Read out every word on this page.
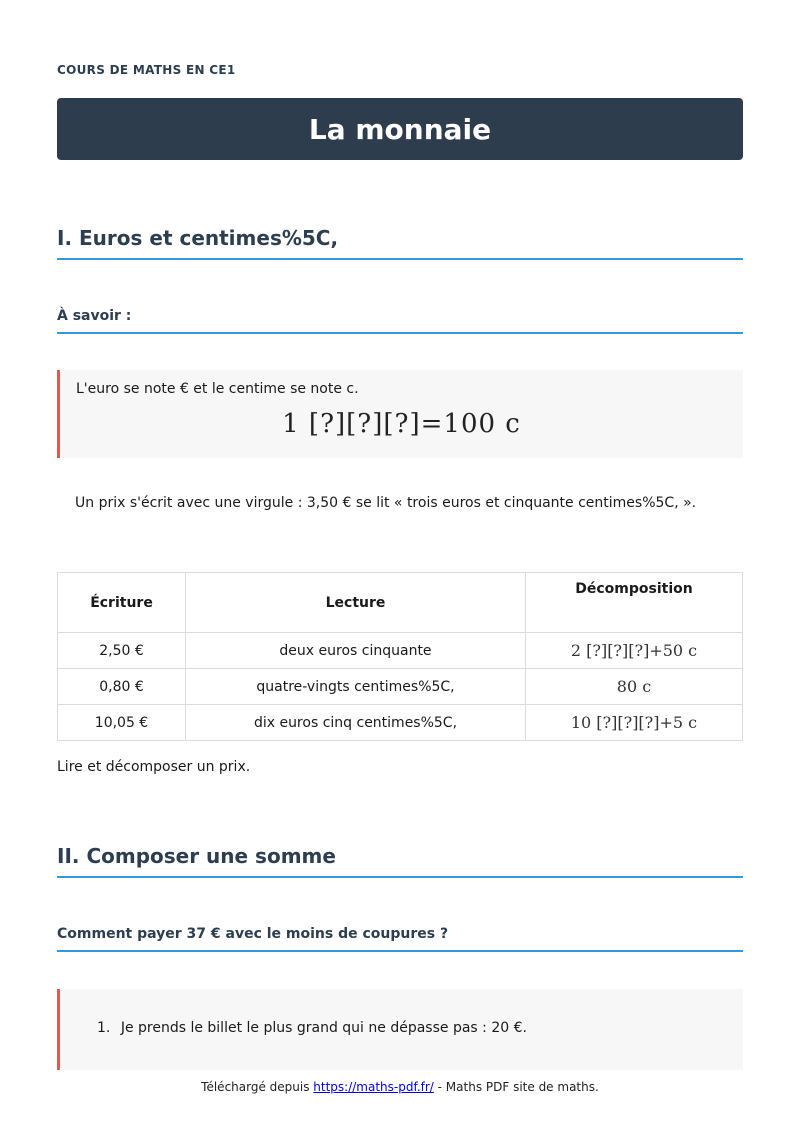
COURS DE MATHS EN CE1
La monnaie
I. Euros et centimes%5C,
À savoir :

L'euro se note € et le centime se note c.

1 [?][?][?]=100 c
Un prix s'écrit avec une virgule : 3,50 € se lit « trois euros et cinquante centimes%5C, ».
Écriture	Lecture	Décomposition
2,50 €	deux euros cinquante	2 [?][?][?]+50 c
0,80 €	quatre-vingts centimes%5C,	80 c
10,05 €	dix euros cinq centimes%5C,	10 [?][?][?]+5 c
Lire et décomposer un prix.
II. Composer une somme
Comment payer 37 € avec le moins de coupures ?

1. Je prends le billet le plus grand qui ne dépasse pas : 20 €.

Téléchargé depuis https://maths-pdf.fr/ - Maths PDF site de maths.
